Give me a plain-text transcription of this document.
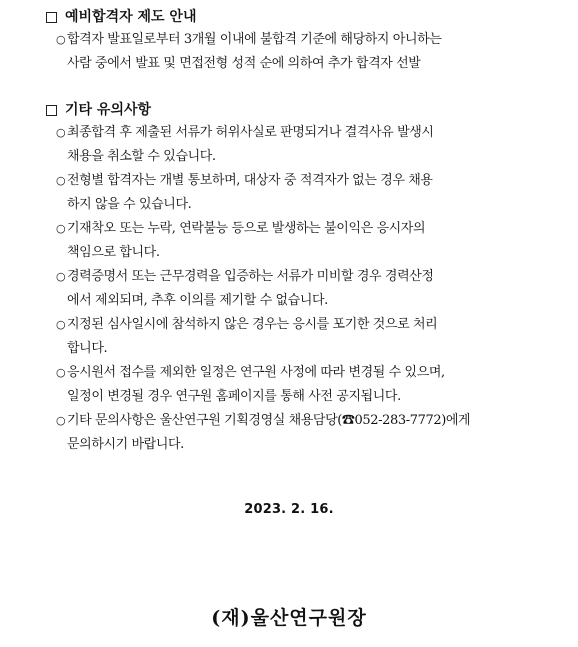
예비합격자 제도 안내
○ 합격자 발표일로부터 3개월 이내에 불합격 기준에 해당하지 아니하는
사람 중에서 발표 및 면접전형 성적 순에 의하여 추가 합격자 선발
기타 유의사항
○ 최종합격 후 제출된 서류가 허위사실로 판명되거나 결격사유 발생시
채용을 취소할 수 있습니다.
○ 전형별 합격자는 개별 통보하며, 대상자 중 적격자가 없는 경우 채용
하지 않을 수 있습니다.
○ 기재착오 또는 누락, 연락불능 등으로 발생하는 불이익은 응시자의
책임으로 합니다.
○ 경력증명서 또는 근무경력을 입증하는 서류가 미비할 경우 경력산정
에서 제외되며, 추후 이의를 제기할 수 없습니다.
○ 지정된 심사일시에 참석하지 않은 경우는 응시를 포기한 것으로 처리
합니다.
○ 응시원서 접수를 제외한 일정은 연구원 사정에 따라 변경될 수 있으며,
일정이 변경될 경우 연구원 홈페이지를 통해 사전 공지됩니다.
○ 기타 문의사항은 울산연구원 기획경영실 채용담당(☎052-283-7772)에게
문의하시기 바랍니다.
2023. 2. 16.
(재)울산연구원장
